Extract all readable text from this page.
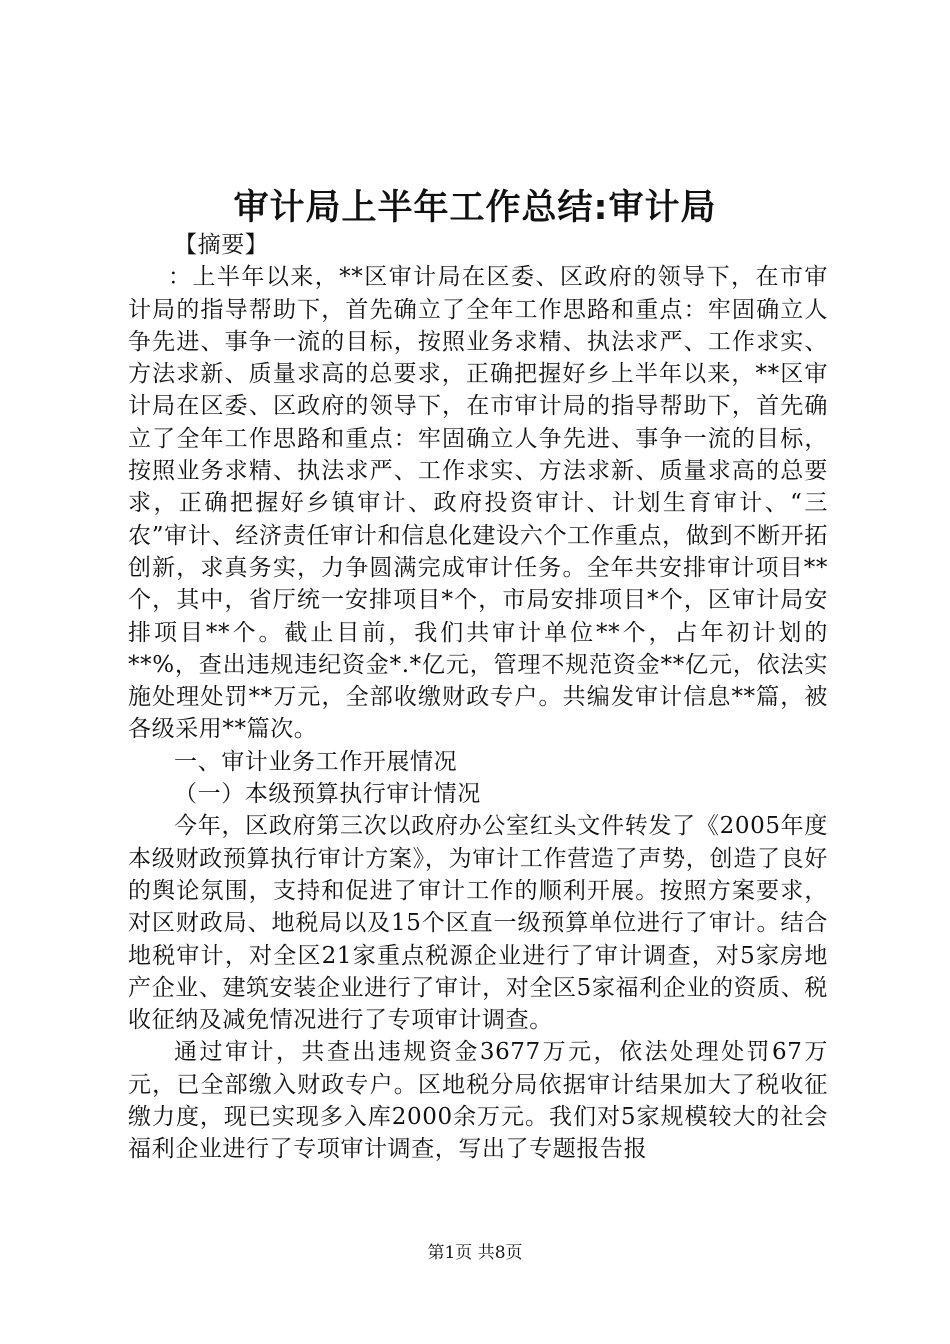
审计局上半年工作总结:审计局

【摘要】

：上半年以来，**区审计局在区委、区政府的领导下，在市审计局的指导帮助下，首先确立了全年工作思路和重点：牢固确立人争先进、事争一流的目标，按照业务求精、执法求严、工作求实、方法求新、质量求高的总要求，正确把握好乡上半年以来，**区审计局在区委、区政府的领导下，在市审计局的指导帮助下，首先确立了全年工作思路和重点：牢固确立人争先进、事争一流的目标，按照业务求精、执法求严、工作求实、方法求新、质量求高的总要求，正确把握好乡镇审计、政府投资审计、计划生育审计、“三农”审计、经济责任审计和信息化建设六个工作重点，做到不断开拓创新，求真务实，力争圆满完成审计任务。全年共安排审计项目**个，其中，省厅统一安排项目*个，市局安排项目*个，区审计局安排项目**个。截止目前，我们共审计单位**个，占年初计划的**%，查出违规违纪资金*.*亿元，管理不规范资金**亿元，依法实施处理处罚**万元，全部收缴财政专户。共编发审计信息**篇，被各级采用**篇次。

一、审计业务工作开展情况

（一）本级预算执行审计情况

今年，区政府第三次以政府办公室红头文件转发了《2005年度本级财政预算执行审计方案》，为审计工作营造了声势，创造了良好的舆论氛围，支持和促进了审计工作的顺利开展。按照方案要求，对区财政局、地税局以及15个区直一级预算单位进行了审计。结合地税审计，对全区21家重点税源企业进行了审计调查，对5家房地产企业、建筑安装企业进行了审计，对全区5家福利企业的资质、税收征纳及减免情况进行了专项审计调查。

通过审计，共查出违规资金3677万元，依法处理处罚67万元，已全部缴入财政专户。区地税分局依据审计结果加大了税收征缴力度，现已实现多入库2000余万元。我们对5家规模较大的社会福利企业进行了专项审计调查，写出了专题报告报

第1页 共8页
